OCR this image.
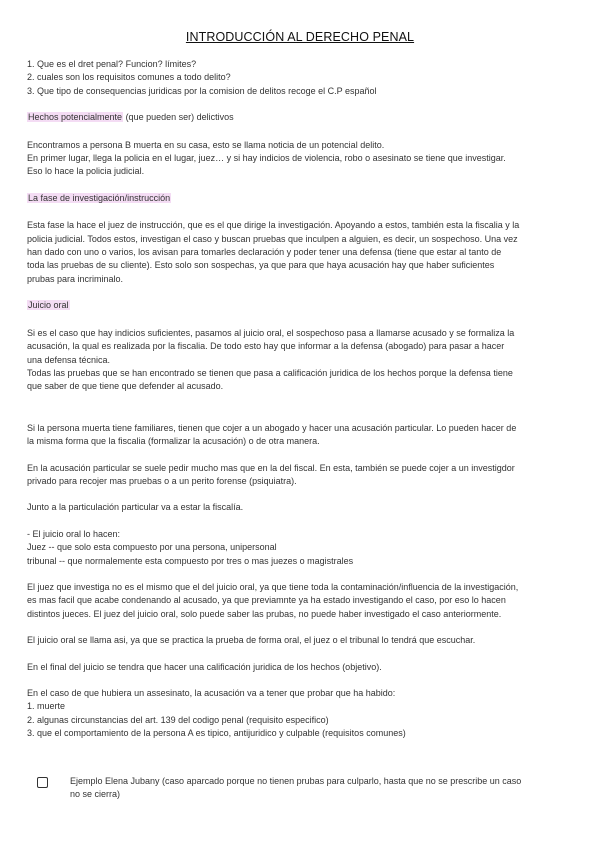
INTRODUCCIÓN AL DERECHO PENAL

1. Que es el dret penal? Funcion? límites?

2. cuales son los requisitos comunes a todo delito?

3. Que tipo de consequencias juridicas por la comision de delitos recoge el C.P español

Hechos potencialmente (que pueden ser) delictivos

Encontramos a persona B muerta en su casa, esto se llama noticia de un potencial delito.

En primer lugar, llega la policia en el lugar, juez… y si hay indicios de violencia, robo o asesinato se tiene que investigar.

Eso lo hace la policia judicial.

La fase de investigación/instrucción

Esta fase la hace el juez de instrucción, que es el que dirige la investigación. Apoyando a estos, también esta la fiscalia y la

policia judicial. Todos estos, investigan el caso y buscan pruebas que inculpen a alguien, es decir, un sospechoso. Una vez

han dado con uno o varios, los avisan para tomarles declaración y poder tener una defensa (tiene que estar al tanto de

toda las pruebas de su cliente). Esto solo son sospechas, ya que para que haya acusación hay que haber suficientes

prubas para incriminalo.

Juicio oral

Si es el caso que hay indicios suficientes, pasamos al juicio oral, el sospechoso pasa a llamarse acusado y se formaliza la

acusación, la qual es realizada por la fiscalia. De todo esto hay que informar a la defensa (abogado) para pasar a hacer

una defensa técnica.

Todas las pruebas que se han encontrado se tienen que pasa a calificación juridica de los hechos porque la defensa tiene

que saber de que tiene que defender al acusado.

Si la persona muerta tiene familiares, tienen que cojer a un abogado y hacer una acusación particular. Lo pueden hacer de

la misma forma que la fiscalia (formalizar la acusación) o de otra manera.

En la acusación particular se suele pedir mucho mas que en la del fiscal. En esta, también se puede cojer a un investigdor

privado para recojer mas pruebas o a un perito forense (psiquiatra).

Junto a la particulación particular va a estar la fiscalía.

- El juicio oral lo hacen:

Juez -- que solo esta compuesto por una persona, unipersonal

tribunal -- que normalemente esta compuesto por tres o mas juezes o magistrales

El juez que investiga no es el mismo que el del juicio oral, ya que tiene toda la contaminación/influencia de la investigación,

es mas facil que acabe condenando al acusado, ya que previamnte ya ha estado investigando el caso, por eso lo hacen

distintos jueces. El juez del juicio oral, solo puede saber las prubas, no puede haber investigado el caso anteriormente.

El juicio oral se llama asi, ya que se practica la prueba de forma oral, el juez o el tribunal lo tendrá que escuchar.

En el final del juicio se tendra que hacer una calificación juridica de los hechos (objetivo).

En el caso de que hubiera un assesinato, la acusación va a tener que probar que ha habido:

1. muerte

2. algunas circunstancias del art. 139 del codigo penal (requisito especifico)

3. que el comportamiento de la persona A es tipico, antijuridico y culpable (requisitos comunes)

Ejemplo Elena Jubany (caso aparcado porque no tienen prubas para culparlo, hasta que no se prescribe un caso

no se cierra)
